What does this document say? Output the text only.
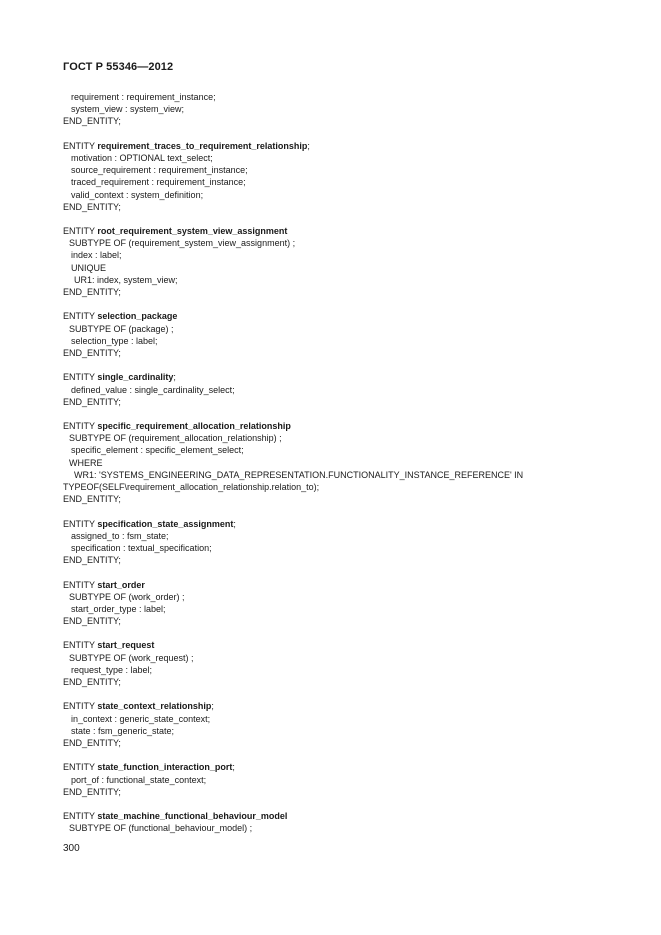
ГОСТ Р 55346—2012
requirement : requirement_instance;
system_view : system_view;
END_ENTITY;
ENTITY requirement_traces_to_requirement_relationship;
motivation : OPTIONAL text_select;
source_requirement : requirement_instance;
traced_requirement : requirement_instance;
valid_context : system_definition;
END_ENTITY;
ENTITY root_requirement_system_view_assignment
SUBTYPE OF (requirement_system_view_assignment) ;
index : label;
UNIQUE
UR1: index, system_view;
END_ENTITY;
ENTITY selection_package
SUBTYPE OF (package) ;
selection_type : label;
END_ENTITY;
ENTITY single_cardinality;
defined_value : single_cardinality_select;
END_ENTITY;
ENTITY specific_requirement_allocation_relationship
SUBTYPE OF (requirement_allocation_relationship) ;
specific_element : specific_element_select;
WHERE
WR1: 'SYSTEMS_ENGINEERING_DATA_REPRESENTATION.FUNCTIONALITY_INSTANCE_REFERENCE' IN
TYPEOF(SELF\requirement_allocation_relationship.relation_to);
END_ENTITY;
ENTITY specification_state_assignment;
assigned_to : fsm_state;
specification : textual_specification;
END_ENTITY;
ENTITY start_order
SUBTYPE OF (work_order) ;
start_order_type : label;
END_ENTITY;
ENTITY start_request
SUBTYPE OF (work_request) ;
request_type : label;
END_ENTITY;
ENTITY state_context_relationship;
in_context : generic_state_context;
state : fsm_generic_state;
END_ENTITY;
ENTITY state_function_interaction_port;
port_of : functional_state_context;
END_ENTITY;
ENTITY state_machine_functional_behaviour_model
SUBTYPE OF (functional_behaviour_model) ;
300
